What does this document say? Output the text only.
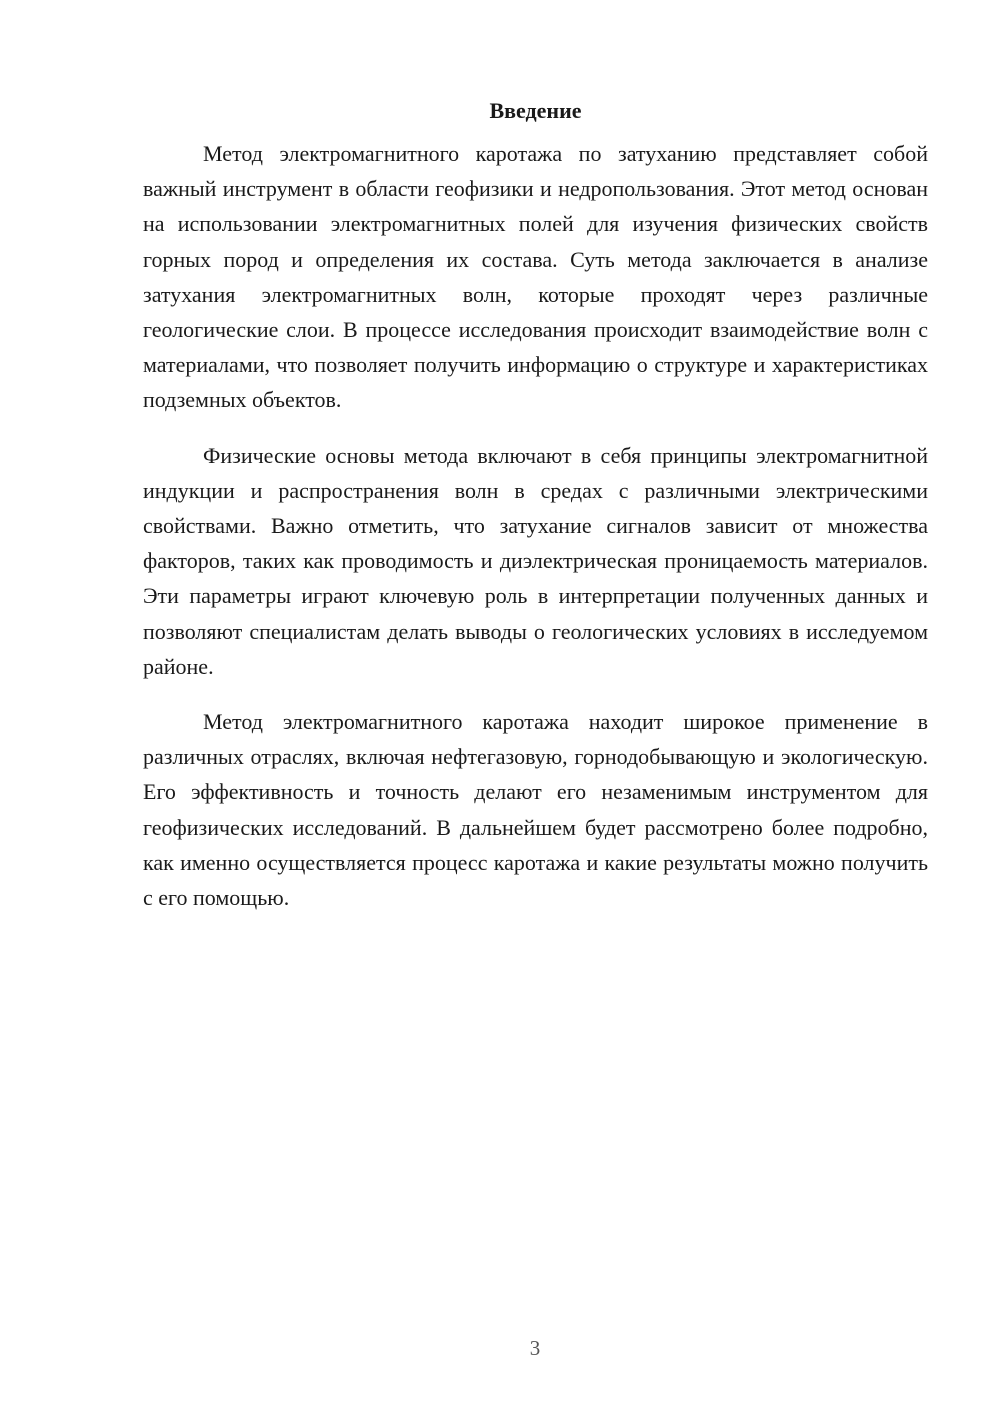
Введение

Метод электромагнитного каротажа по затуханию представляет собой важный инструмент в области геофизики и недропользования. Этот метод основан на использовании электромагнитных полей для изучения физических свойств горных пород и определения их состава. Суть метода заключается в анализе затухания электромагнитных волн, которые проходят через различные геологические слои. В процессе исследования происходит взаимодействие волн с материалами, что позволяет получить информацию о структуре и характеристиках подземных объектов.

Физические основы метода включают в себя принципы электромагнитной индукции и распространения волн в средах с различными электрическими свойствами. Важно отметить, что затухание сигналов зависит от множества факторов, таких как проводимость и диэлектрическая проницаемость материалов. Эти параметры играют ключевую роль в интерпретации полученных данных и позволяют специалистам делать выводы о геологических условиях в исследуемом районе.

Метод электромагнитного каротажа находит широкое применение в различных отраслях, включая нефтегазовую, горнодобывающую и экологическую. Его эффективность и точность делают его незаменимым инструментом для геофизических исследований. В дальнейшем будет рассмотрено более подробно, как именно осуществляется процесс каротажа и какие результаты можно получить с его помощью.

3
